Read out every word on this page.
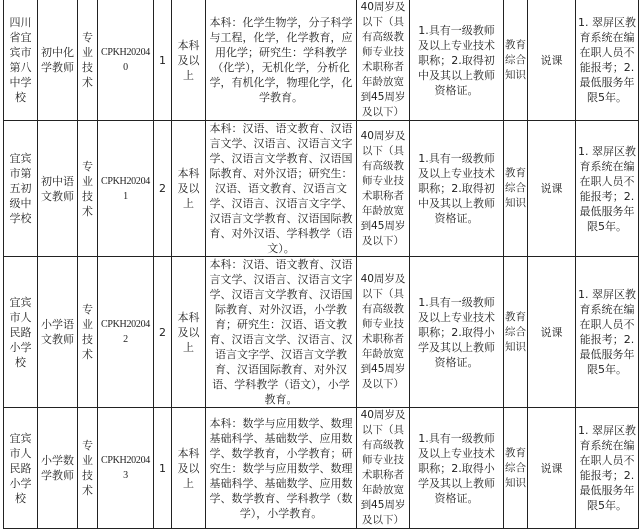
四川省宜宾市第八中学校	初中化学教师	专业技术	CPKH202040	1	本科及以上	本科：化学生物学，分子科学与工程，化学，化学教育，应用化学；研究生：学科教学（化学），无机化学，分析化学，有机化学，物理化学，化学教育。	40周岁及以下（具有高级教师专业技术职称者年龄放宽到45周岁及以下）	1.具有一级教师及以上专业技术职称；2.取得初中及其以上教师资格证。	教育综合知识	说课	1. 翠屏区教育系统在编在职人员不能报考；2.最低服务年限5年。
宜宾市第五初级中学校	初中语文教师	专业技术	CPKH202041	2	本科及以上	本科：汉语、语文教育、汉语言文学、汉语言、汉语言文字学、汉语言文学教育、汉语国际教育、对外汉语；研究生：汉语、语文教育、汉语言文学、汉语言、汉语言文字学、汉语言文学教育、汉语国际教育、对外汉语、学科教学（语文）。	40周岁及以下（具有高级教师专业技术职称者年龄放宽到45周岁及以下）	1.具有一级教师及以上专业技术职称；2.取得初中及其以上教师资格证。	教育综合知识	说课	1. 翠屏区教育系统在编在职人员不能报考；2.最低服务年限5年。
宜宾市人民路小学校	小学语文教师	专业技术	CPKH202042	2	本科及以上	本科：汉语、语文教育、汉语言文学、汉语言、汉语言文字学、汉语言文学教育、汉语国际教育、对外汉语，小学教育；研究生：汉语、语文教育、汉语言文学、汉语言、汉语言文字学、汉语言文学教育、汉语国际教育、对外汉语、学科教学（语文），小学教育。	40周岁及以下（具有高级教师专业技术职称者年龄放宽到45周岁及以下）	1.具有一级教师及以上专业技术职称；2.取得小学及其以上教师资格证。	教育综合知识	说课	1. 翠屏区教育系统在编在职人员不能报考；2.最低服务年限5年。
宜宾市人民路小学校	小学数学教师	专业技术	CPKH202043	1	本科及以上	本科：数学与应用数学、数理基础科学、基础数学、应用数学、数学教育，小学教育；研究生：数学与应用数学、数理基础科学、基础数学、应用数学、数学教育、学科教学（数学），小学教育。	40周岁及以下（具有高级教师专业技术职称者年龄放宽到45周岁及以下）	1.具有一级教师及以上专业技术职称；2.取得小学及其以上教师资格证。	教育综合知识	说课	1. 翠屏区教育系统在编在职人员不能报考；2.最低服务年限5年。
